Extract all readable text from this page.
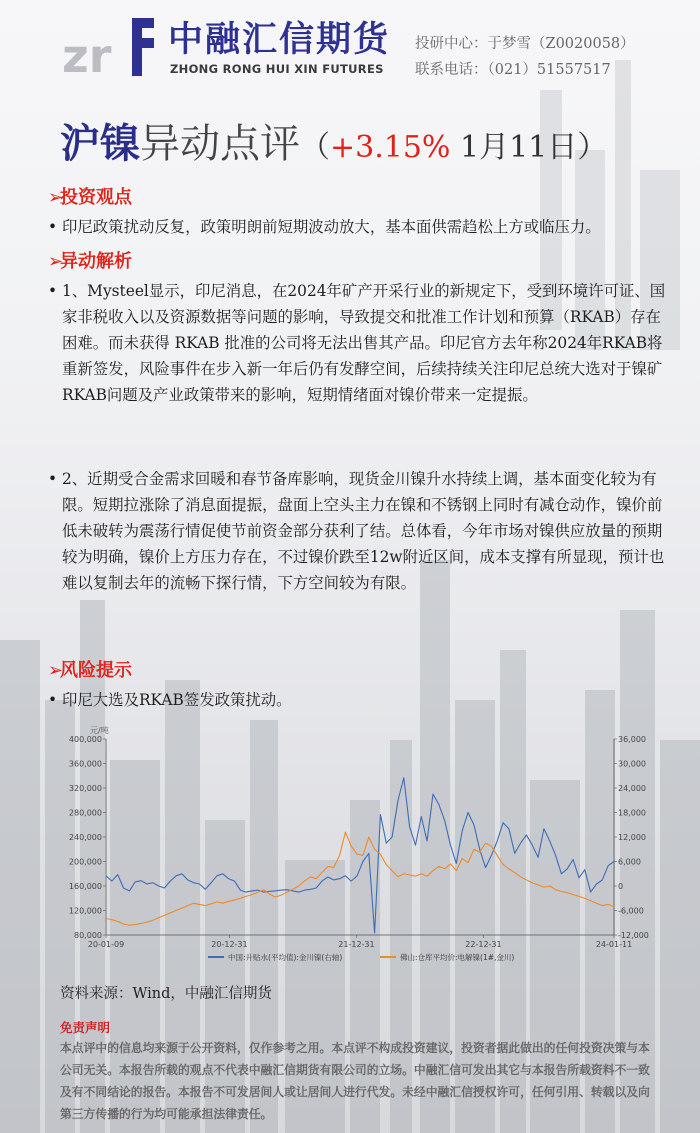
zr 中融汇信期货
ZHONG RONG HUI XIN FUTURES
投研中心：于梦雪（Z0020058）
联系电话：（021）51557517
沪镍异动点评（+3.15% 1月11日）
➢投资观点
• 印尼政策扰动反复，政策明朗前短期波动放大，基本面供需趋松上方或临压力。
➢异动解析
• 1、Mysteel显示，印尼消息，在2024年矿产开采行业的新规定下，受到环境许可证、国家非税收入以及资源数据等问题的影响，导致提交和批准工作计划和预算（RKAB）存在困难。而未获得 RKAB 批准的公司将无法出售其产品。印尼官方去年称2024年RKAB将重新签发，风险事件在步入新一年后仍有发酵空间，后续持续关注印尼总统大选对于镍矿RKAB问题及产业政策带来的影响，短期情绪面对镍价带来一定提振。
• 2、近期受合金需求回暖和春节备库影响，现货金川镍升水持续上调，基本面变化较为有限。短期拉涨除了消息面提振，盘面上空头主力在镍和不锈钢上同时有减仓动作，镍价前低未破转为震荡行情促使节前资金部分获利了结。总体看，今年市场对镍供应放量的预期较为明确，镍价上方压力存在，不过镍价跌至12w附近区间，成本支撑有所显现，预计也难以复制去年的流畅下探行情，下方空间较为有限。
➢风险提示
• 印尼大选及RKAB签发政策扰动。
元/吨
400,000
360,000
320,000
280,000
240,000
200,000
160,000
120,000
80,000
36,000
30,000
24,000
18,000
12,000
6,000
0
-6,000
-12,000
20-01-09	20-12-31	21-12-31	22-12-31	24-01-11
中国:升贴水(平均值):金川镍(右轴)	佛山:仓库平均价:电解镍(1#,金川)
资料来源：Wind，中融汇信期货
免责声明
本点评中的信息均来源于公开资料，仅作参考之用。本点评不构成投资建议，投资者据此做出的任何投资决策与本公司无关。本报告所载的观点不代表中融汇信期货有限公司的立场。中融汇信可发出其它与本报告所载资料不一致及有不同结论的报告。本报告不可发居间人或让居间人进行代发。未经中融汇信授权许可，任何引用、转载以及向第三方传播的行为均可能承担法律责任。
